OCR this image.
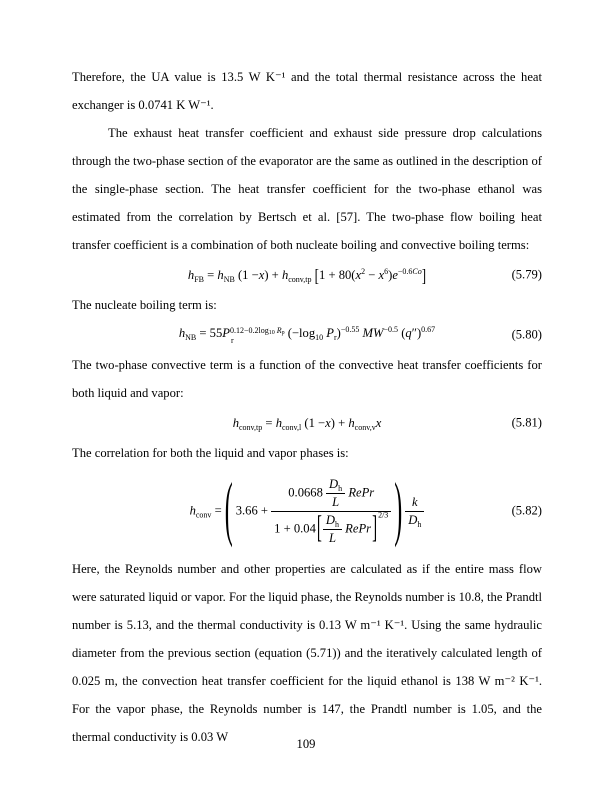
Therefore, the UA value is 13.5 W K⁻¹ and the total thermal resistance across the heat exchanger is 0.0741 K W⁻¹.

The exhaust heat transfer coefficient and exhaust side pressure drop calculations through the two-phase section of the evaporator are the same as outlined in the description of the single-phase section. The heat transfer coefficient for the two-phase ethanol was estimated from the correlation by Bertsch et al. [57]. The two-phase flow boiling heat transfer coefficient is a combination of both nucleate boiling and convective boiling terms:

$h_{FB} = h_{NB}$ $(1 -x) + h_{conv,tp}$ $[1 + 80(x^2 - x^6)e^{-0.6Co}]$	(5.79)

The nucleate boiling term is:

$h_{NB} = 55P$ 0.12−0.2log10 Rp
r
($-\log_{10}$ $P_r)^{-0.55}$ $MW^{-0.5}$ $(q'')^{0.67}$	(5.80)

The two-phase convective term is a function of the convective heat transfer coefficients for both liquid and vapor:

$h_{conv,tp} = h_{conv,l}$ $(1 -x) + h_{conv,v}x$	(5.81)

The correlation for both the liquid and vapor phases is:

$h_{conv}$ = ( $3.66 + \frac{0.0668 \frac{D_h}{L} RePr}{1 + 0.04[ \frac{D_h}{L} RePr]^{2/3}}$ ) $\frac{k}{D_h}$	(5.82)

Here, the Reynolds number and other properties are calculated as if the entire mass flow were saturated liquid or vapor. For the liquid phase, the Reynolds number is 10.8, the Prandtl number is 5.13, and the thermal conductivity is 0.13 W m⁻¹ K⁻¹. Using the same hydraulic diameter from the previous section (equation (5.71)) and the iteratively calculated length of 0.025 m, the convection heat transfer coefficient for the liquid ethanol is 138 W m⁻² K⁻¹. For the vapor phase, the Reynolds number is 147, the Prandtl number is 1.05, and the thermal conductivity is 0.03 W	109
